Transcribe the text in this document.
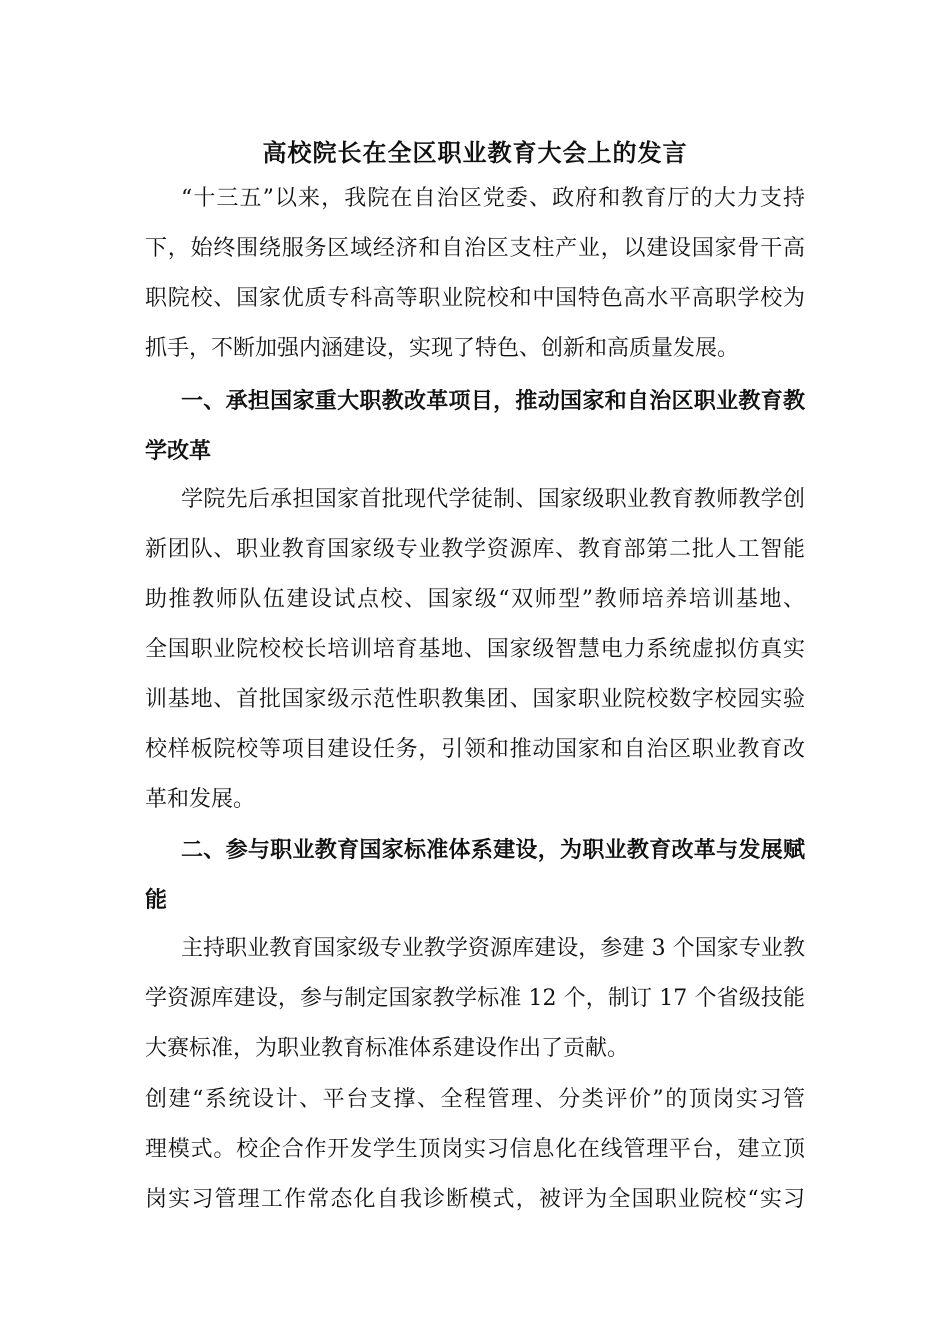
高校院长在全区职业教育大会上的发言
“十三五”以来，我院在自治区党委、政府和教育厅的大力支持
下，始终围绕服务区域经济和自治区支柱产业，以建设国家骨干高
职院校、国家优质专科高等职业院校和中国特色高水平高职学校为
抓手，不断加强内涵建设，实现了特色、创新和高质量发展。
一、承担国家重大职教改革项目，推动国家和自治区职业教育教
学改革
学院先后承担国家首批现代学徒制、国家级职业教育教师教学创
新团队、职业教育国家级专业教学资源库、教育部第二批人工智能
助推教师队伍建设试点校、国家级“双师型”教师培养培训基地、
全国职业院校校长培训培育基地、国家级智慧电力系统虚拟仿真实
训基地、首批国家级示范性职教集团、国家职业院校数字校园实验
校样板院校等项目建设任务，引领和推动国家和自治区职业教育改
革和发展。
二、参与职业教育国家标准体系建设，为职业教育改革与发展赋
能
主持职业教育国家级专业教学资源库建设，参建 3 个国家专业教
学资源库建设，参与制定国家教学标准 12 个，制订 17 个省级技能
大赛标准，为职业教育标准体系建设作出了贡献。
创建“系统设计、平台支撑、全程管理、分类评价”的顶岗实习管
理模式。校企合作开发学生顶岗实习信息化在线管理平台，建立顶
岗实习管理工作常态化自我诊断模式，被评为全国职业院校“实习
